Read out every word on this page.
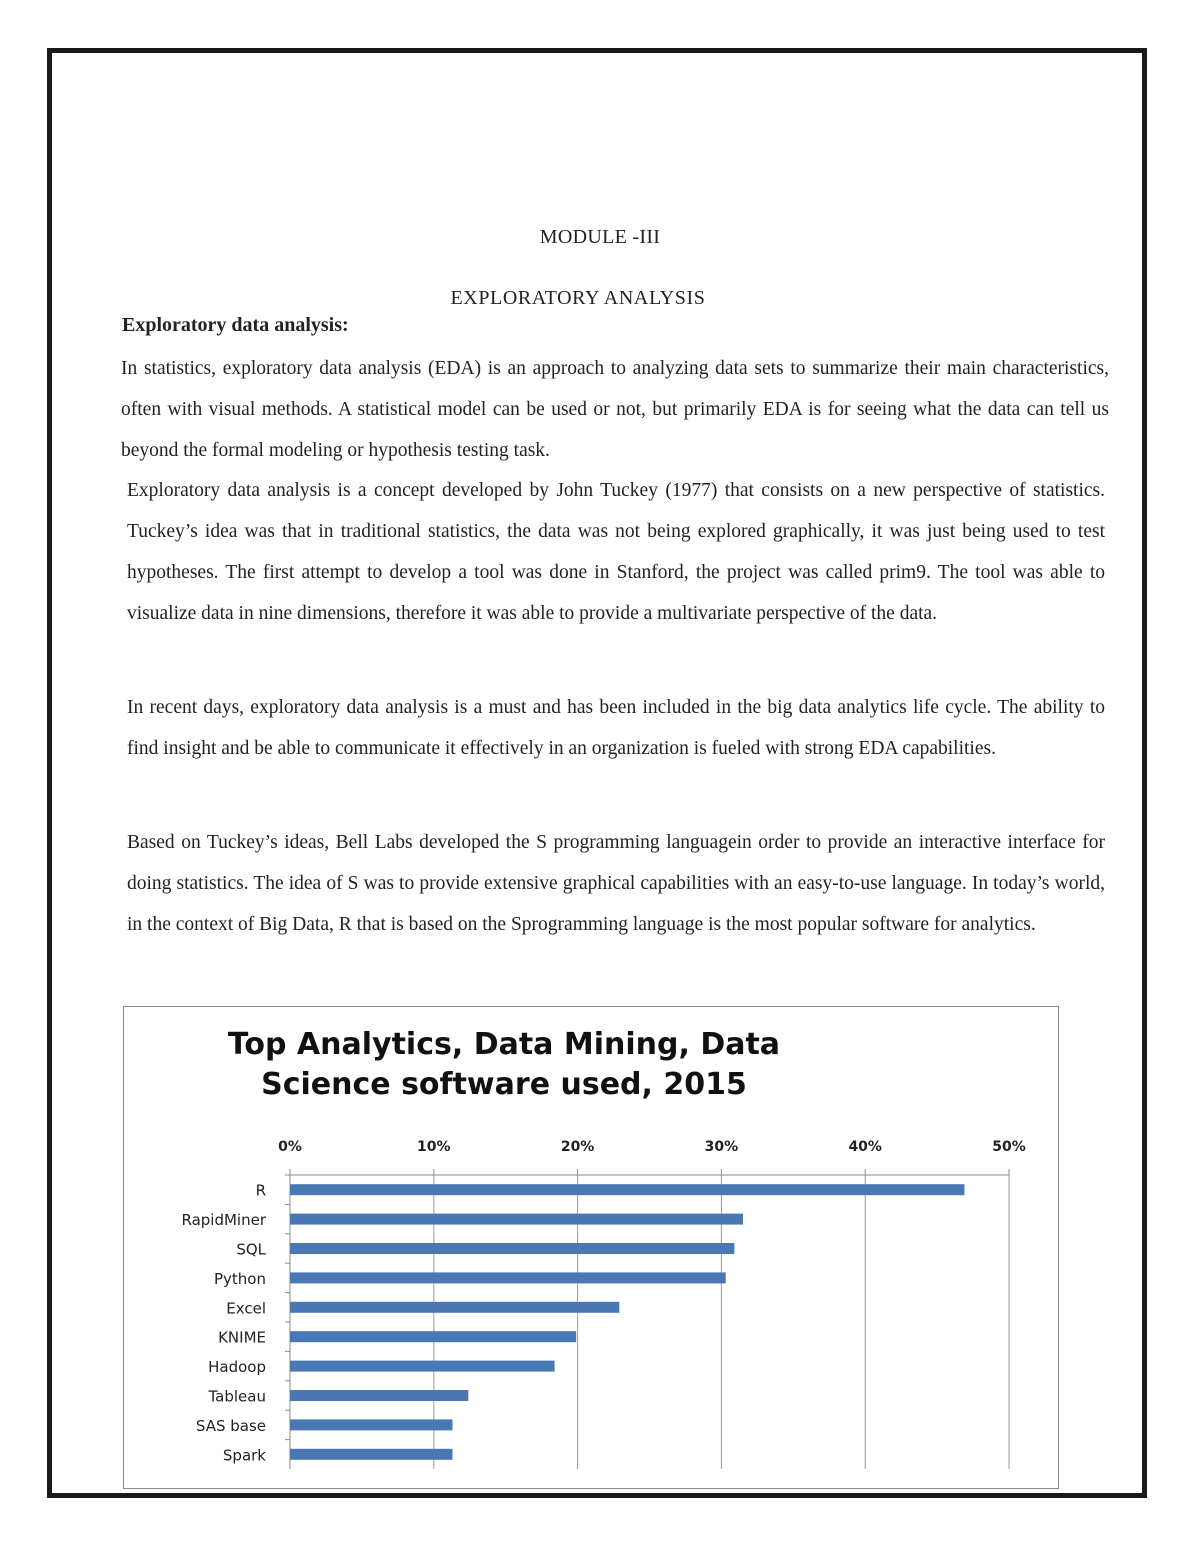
MODULE -III
EXPLORATORY ANALYSIS
Exploratory data analysis:

In statistics, exploratory data analysis (EDA) is an approach to analyzing data sets to summarize their main characteristics, often with visual methods. A statistical model can be used or not, but primarily EDA is for seeing what the data can tell us beyond the formal modeling or hypothesis testing task.

Exploratory data analysis is a concept developed by John Tuckey (1977) that consists on a new perspective of statistics. Tuckey’s idea was that in traditional statistics, the data was not being explored graphically, it was just being used to test hypotheses. The first attempt to develop a tool was done in Stanford, the project was called prim9. The tool was able to visualize data in nine dimensions, therefore it was able to provide a multivariate perspective of the data.

In recent days, exploratory data analysis is a must and has been included in the big data analytics life cycle. The ability to find insight and be able to communicate it effectively in an organization is fueled with strong EDA capabilities.

Based on Tuckey’s ideas, Bell Labs developed the S programming languagein order to provide an interactive interface for doing statistics. The idea of S was to provide extensive graphical capabilities with an easy-to-use language. In today’s world, in the context of Big Data, R that is based on the Sprogramming language is the most popular software for analytics.

Top Analytics, Data Mining, Data
Science software used, 2015
0%	10%	20%	30%	40%	50%
R
RapidMiner
SQL
Python
Excel
KNIME
Hadoop
Tableau
SAS base
Spark
